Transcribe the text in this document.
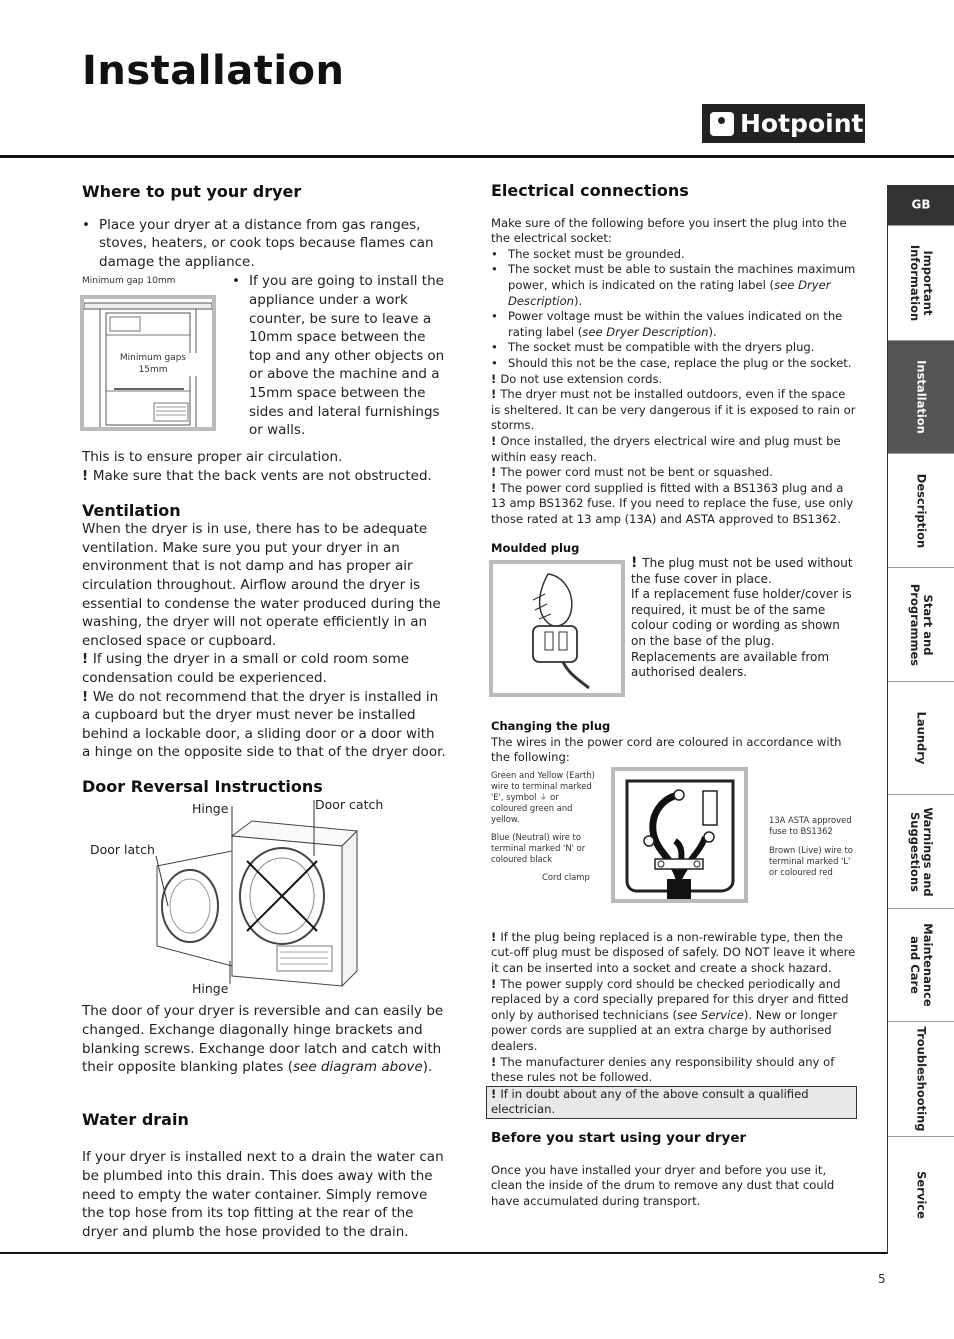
Installation
Hotpoint
Where to put your dryer
• Place your dryer at a distance from gas ranges, stoves, heaters, or cook tops because flames can damage the appliance.
Minimum gap 10mm
Minimum gaps 15mm
• If you are going to install the appliance under a work counter, be sure to leave a 10mm space between the top and any other objects on or above the machine and a 15mm space between the sides and lateral furnishings or walls.

This is to ensure proper air circulation.

! Make sure that the back vents are not obstructed.

Ventilation

When the dryer is in use, there has to be adequate ventilation. Make sure you put your dryer in an environment that is not damp and has proper air circulation throughout. Airflow around the dryer is essential to condense the water produced during the washing, the dryer will not operate efficiently in an enclosed space or cupboard.

! If using the dryer in a small or cold room some condensation could be experienced.

! We do not recommend that the dryer is installed in a cupboard but the dryer must never be installed behind a lockable door, a sliding door or a door with a hinge on the opposite side to that of the dryer door.

Door Reversal Instructions
Hinge	Door catch
Door latch
Hinge

The door of your dryer is reversible and can easily be changed. Exchange diagonally hinge brackets and blanking screws. Exchange door latch and catch with their opposite blanking plates (see diagram above).

Water drain

If your dryer is installed next to a drain the water can be plumbed into this drain. This does away with the need to empty the water container. Simply remove the top hose from its top fitting at the rear of the dryer and plumb the hose provided to the drain.

Electrical connections

Make sure of the following before you insert the plug into the the electrical socket:

• The socket must be grounded.
• The socket must be able to sustain the machines maximum power, which is indicated on the rating label (see Dryer Description).
• Power voltage must be within the values indicated on the rating label (see Dryer Description).
• The socket must be compatible with the dryers plug.
• Should this not be the case, replace the plug or the socket.

! Do not use extension cords.

! The dryer must not be installed outdoors, even if the space is sheltered. It can be very dangerous if it is exposed to rain or storms.

! Once installed, the dryers electrical wire and plug must be within easy reach.

! The power cord must not be bent or squashed.

! The power cord supplied is fitted with a BS1363 plug and a 13 amp BS1362 fuse. If you need to replace the fuse, use only those rated at 13 amp (13A) and ASTA approved to BS1362.

Moulded plug

! The plug must not be used without the fuse cover in place.

If a replacement fuse holder/cover is required, it must be of the same colour coding or wording as shown on the base of the plug. Replacements are available from authorised dealers.

Changing the plug

The wires in the power cord are coloured in accordance with the following:

Green and Yellow (Earth) wire to terminal marked 'E', symbol ⏚ or coloured green and yellow.
Blue (Neutral) wire to terminal marked 'N' or coloured black
Cord clamp
13A ASTA approved fuse to BS1362
Brown (Live) wire to terminal marked 'L' or coloured red

! If the plug being replaced is a non-rewirable type, then the cut-off plug must be disposed of safely. DO NOT leave it where it can be inserted into a socket and create a shock hazard.

! The power supply cord should be checked periodically and replaced by a cord specially prepared for this dryer and fitted only by authorised technicians (see Service). New or longer power cords are supplied at an extra charge by authorised dealers.

! The manufacturer denies any responsibility should any of these rules not be followed.

! If in doubt about any of the above consult a qualified electrician.

Before you start using your dryer

Once you have installed your dryer and before you use it, clean the inside of the drum to remove any dust that could have accumulated during transport.

GB
Important
Information
Installation
Description
Start and
Programmes
Laundry
Warnings and
Suggestions
Maintenance
and Care
Troubleshooting
Service
5
